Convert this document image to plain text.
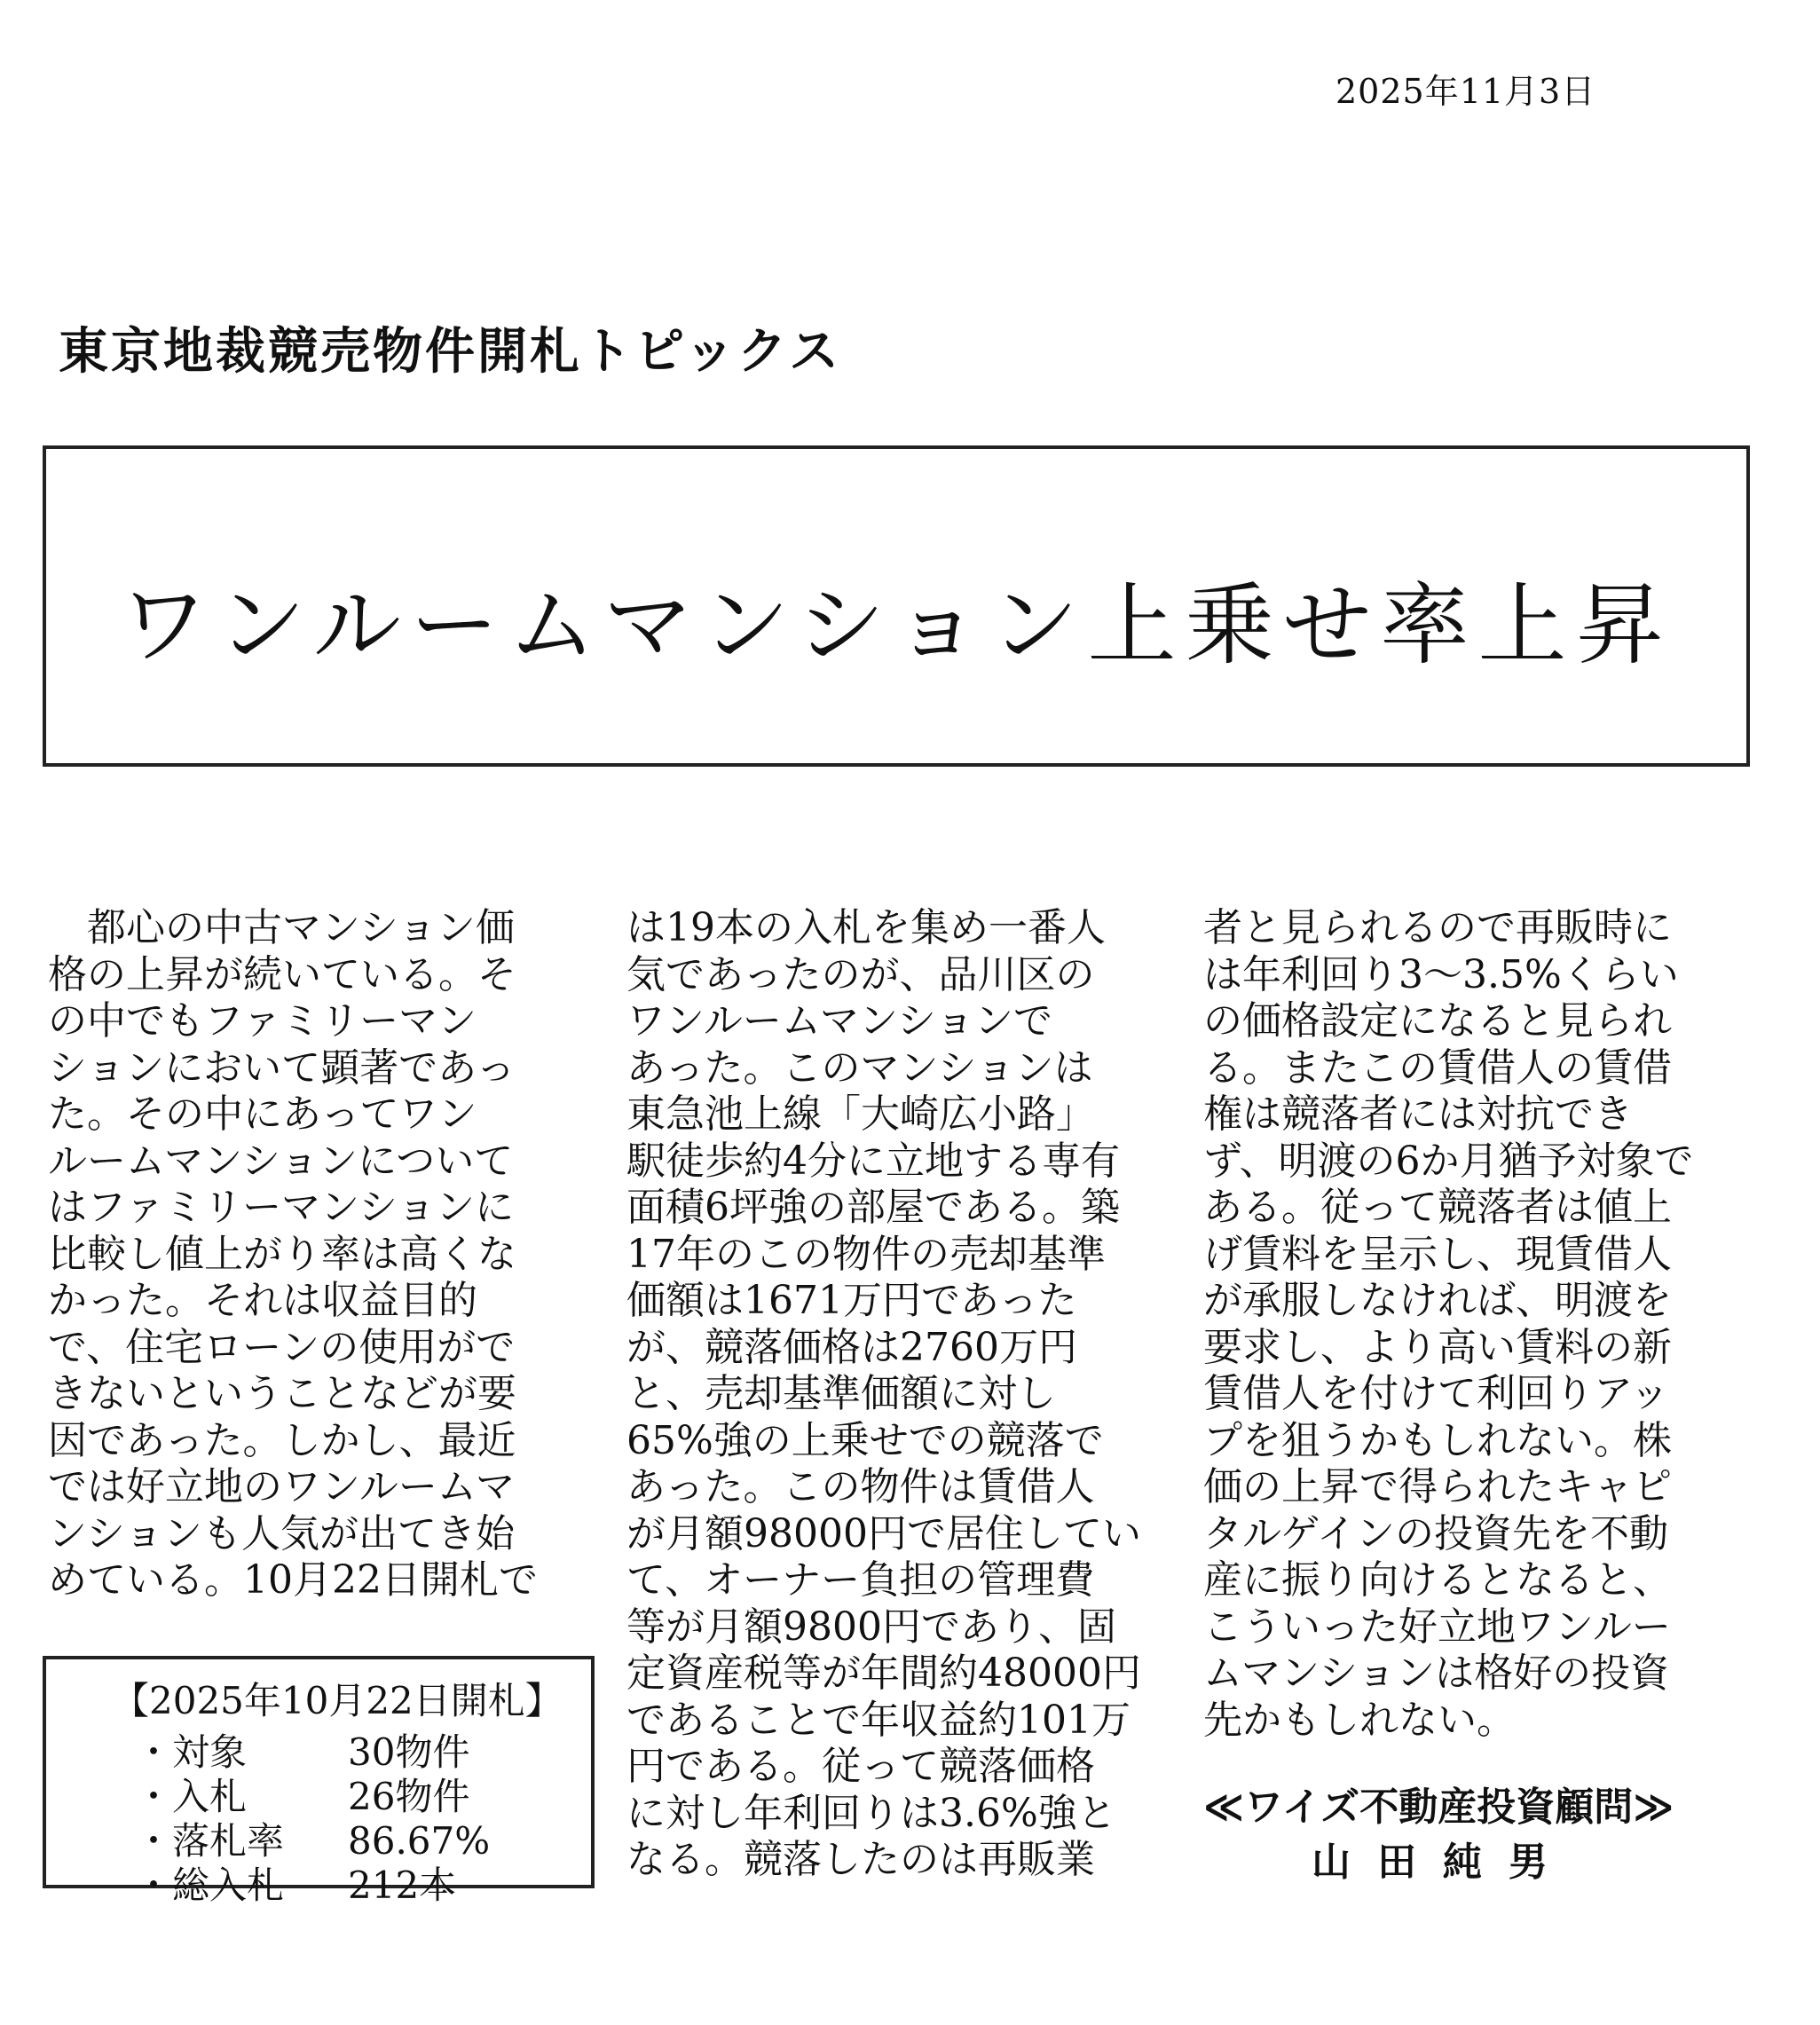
2025年11月3日
東京地裁競売物件開札トピックス
ワンルームマンション上乗せ率上昇
　都心の中古マンション価
格の上昇が続いている。そ
の中でもファミリーマン
ションにおいて顕著であっ
た。その中にあってワン
ルームマンションについて
はファミリーマンションに
比較し値上がり率は高くな
かった。それは収益目的
で、住宅ローンの使用がで
きないということなどが要
因であった。しかし、最近
では好立地のワンルームマ
ンションも人気が出てき始
めている。10月22日開札で
は19本の入札を集め一番人
気であったのが、品川区の
ワンルームマンションで
あった。このマンションは
東急池上線「大崎広小路」
駅徒歩約4分に立地する専有
面積6坪強の部屋である。築
17年のこの物件の売却基準
価額は1671万円であった
が、競落価格は2760万円
と、売却基準価額に対し
65%強の上乗せでの競落で
あった。この物件は賃借人
が月額98000円で居住してい
て、オーナー負担の管理費
等が月額9800円であり、固
定資産税等が年間約48000円
であることで年収益約101万
円である。従って競落価格
に対し年利回りは3.6%強と
なる。競落したのは再販業
者と見られるので再販時に
は年利回り3～3.5%くらい
の価格設定になると見られ
る。またこの賃借人の賃借
権は競落者には対抗でき
ず、明渡の6か月猶予対象で
ある。従って競落者は値上
げ賃料を呈示し、現賃借人
が承服しなければ、明渡を
要求し、より高い賃料の新
賃借人を付けて利回りアッ
プを狙うかもしれない。株
価の上昇で得られたキャピ
タルゲインの投資先を不動
産に振り向けるとなると、
こういった好立地ワンルー
ムマンションは格好の投資
先かもしれない。
【2025年10月22日開札】
・対象	30物件
・入札	26物件
・落札率 86.67%
・総入札 212本
≪ワイズ不動産投資顧問≫
山田純男
